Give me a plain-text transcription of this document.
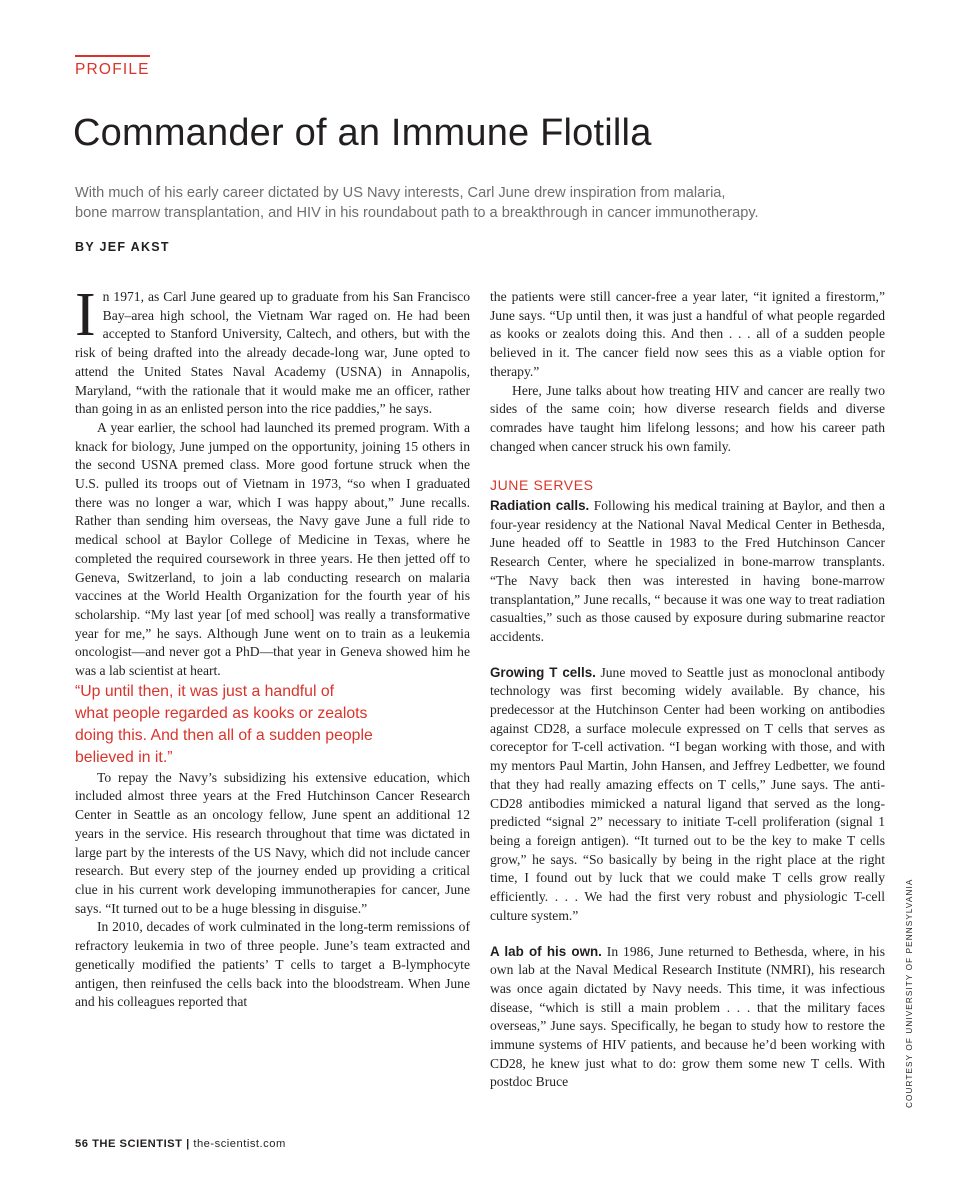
PROFILE
Commander of an Immune Flotilla

With much of his early career dictated by US Navy interests, Carl June drew inspiration from malaria,
bone marrow transplantation, and HIV in his roundabout path to a breakthrough in cancer immunotherapy.

BY JEF AKST

In 1971, as Carl June geared up to graduate from his San Francisco Bay–area high school, the Vietnam War raged on. He had been accepted to Stanford University, Caltech, and others, but with the risk of being drafted into the already decade-long war, June opted to attend the United States Naval Academy (USNA) in Annapolis, Maryland, “with the rationale that it would make me an officer, rather than going in as an enlisted person into the rice paddies,” he says.

A year earlier, the school had launched its premed program. With a knack for biology, June jumped on the opportunity, joining 15 others in the second USNA premed class. More good fortune struck when the U.S. pulled its troops out of Vietnam in 1973, “so when I graduated there was no longer a war, which I was happy about,” June recalls. Rather than sending him overseas, the Navy gave June a full ride to medical school at Baylor College of Medicine in Texas, where he completed the required coursework in three years. He then jetted off to Geneva, Switzerland, to join a lab conducting research on malaria vaccines at the World Health Organization for the fourth year of his scholarship. “My last year [of med school] was really a transformative year for me,” he says. Although June went on to train as a leukemia oncologist—and never got a PhD—that year in Geneva showed him he was a lab scientist at heart.

“Up until then, it was just a handful of
what people regarded as kooks or zealots
doing this. And then all of a sudden people
believed in it.”

To repay the Navy’s subsidizing his extensive education, which included almost three years at the Fred Hutchinson Cancer Research Center in Seattle as an oncology fellow, June spent an additional 12 years in the service. His research throughout that time was dictated in large part by the interests of the US Navy, which did not include cancer research. But every step of the journey ended up providing a critical clue in his current work developing immunotherapies for cancer, June says. “It turned out to be a huge blessing in disguise.”

In 2010, decades of work culminated in the long-term remissions of refractory leukemia in two of three people. June’s team extracted and genetically modified the patients’ T cells to target a B-lymphocyte antigen, then reinfused the cells back into the bloodstream. When June and his colleagues reported that

the patients were still cancer-free a year later, “it ignited a firestorm,” June says. “Up until then, it was just a handful of what people regarded as kooks or zealots doing this. And then . . . all of a sudden people believed in it. The cancer field now sees this as a viable option for therapy.”

Here, June talks about how treating HIV and cancer are really two sides of the same coin; how diverse research fields and diverse comrades have taught him lifelong lessons; and how his career path changed when cancer struck his own family.

JUNE SERVES

Radiation calls. Following his medical training at Baylor, and then a four-year residency at the National Naval Medical Center in Bethesda, June headed off to Seattle in 1983 to the Fred Hutchinson Cancer Research Center, where he specialized in bone-marrow transplants. “The Navy back then was interested in having bone-marrow transplantation,” June recalls, “ because it was one way to treat radiation casualties,” such as those caused by exposure during submarine reactor accidents.

Growing T cells. June moved to Seattle just as monoclonal antibody technology was first becoming widely available. By chance, his predecessor at the Hutchinson Center had been working on antibodies against CD28, a surface molecule expressed on T cells that serves as coreceptor for T-cell activation. “I began working with those, and with my mentors Paul Martin, John Hansen, and Jeffrey Ledbetter, we found that they had really amazing effects on T cells,” June says. The anti-CD28 antibodies mimicked a natural ligand that served as the long-predicted “signal 2” necessary to initiate T-cell proliferation (signal 1 being a foreign antigen). “It turned out to be the key to make T cells grow,” he says. “So basically by being in the right place at the right time, I found out by luck that we could make T cells grow really efficiently. . . . We had the first very robust and physiologic T-cell culture system.”

A lab of his own. In 1986, June returned to Bethesda, where, in his own lab at the Naval Medical Research Institute (NMRI), his research was once again dictated by Navy needs. This time, it was infectious disease, “which is still a main problem . . . that the military faces overseas,” June says. Specifically, he began to study how to restore the immune systems of HIV patients, and because he’d been working with CD28, he knew just what to do: grow them some new T cells. With postdoc Bruce

56 THE SCIENTIST | the-scientist.com
COURTESY OF UNIVERSITY OF PENNSYLVANIA
